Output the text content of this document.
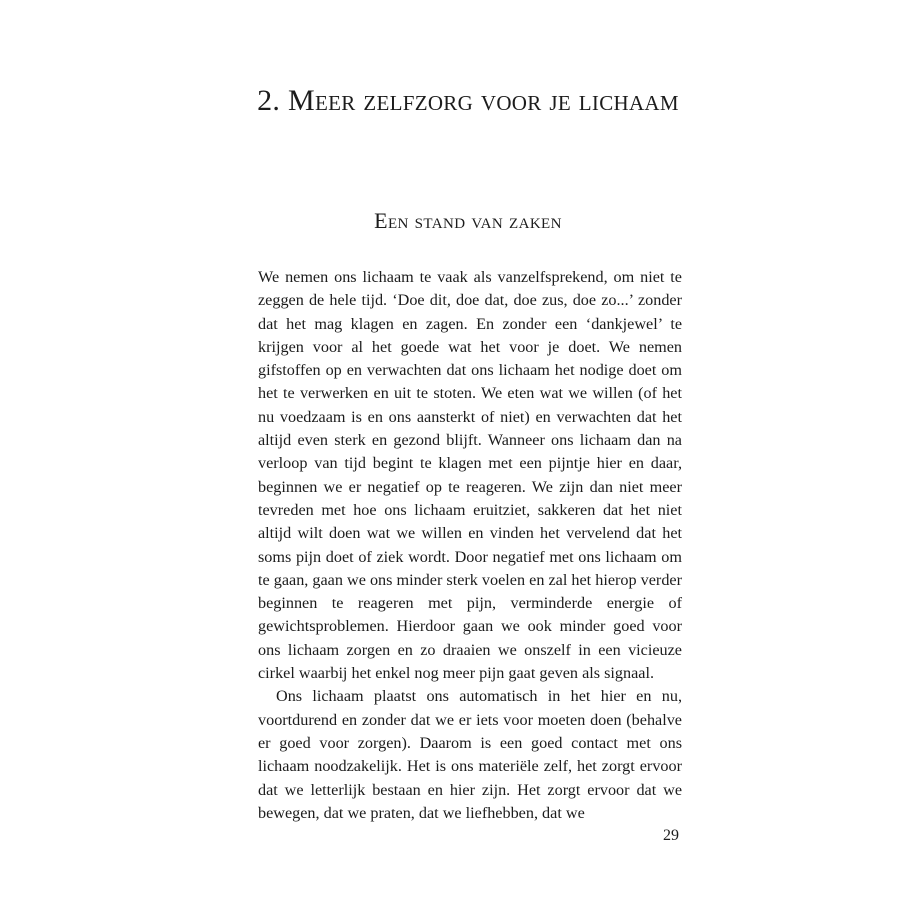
2. Meer zelfzorg voor je lichaam
Een stand van zaken

We nemen ons lichaam te vaak als vanzelfsprekend, om niet te zeggen de hele tijd. ‘Doe dit, doe dat, doe zus, doe zo...’ zonder dat het mag klagen en zagen. En zonder een ‘dankjewel’ te krijgen voor al het goede wat het voor je doet. We nemen gifstoffen op en verwachten dat ons lichaam het nodige doet om het te verwerken en uit te stoten. We eten wat we willen (of het nu voedzaam is en ons aansterkt of niet) en verwachten dat het altijd even sterk en gezond blijft. Wanneer ons lichaam dan na verloop van tijd begint te klagen met een pijntje hier en daar, beginnen we er negatief op te reageren. We zijn dan niet meer tevreden met hoe ons lichaam eruitziet, sakkeren dat het niet altijd wilt doen wat we willen en vinden het vervelend dat het soms pijn doet of ziek wordt. Door negatief met ons lichaam om te gaan, gaan we ons minder sterk voelen en zal het hierop verder beginnen te reageren met pijn, verminderde energie of gewichtsproblemen. Hierdoor gaan we ook minder goed voor ons lichaam zorgen en zo draaien we onszelf in een vicieuze cirkel waarbij het enkel nog meer pijn gaat geven als signaal.

Ons lichaam plaatst ons automatisch in het hier en nu, voortdurend en zonder dat we er iets voor moeten doen (behalve er goed voor zorgen). Daarom is een goed contact met ons lichaam noodzakelijk. Het is ons materiële zelf, het zorgt ervoor dat we letterlijk bestaan en hier zijn. Het zorgt ervoor dat we bewegen, dat we praten, dat we liefhebben, dat we

29
